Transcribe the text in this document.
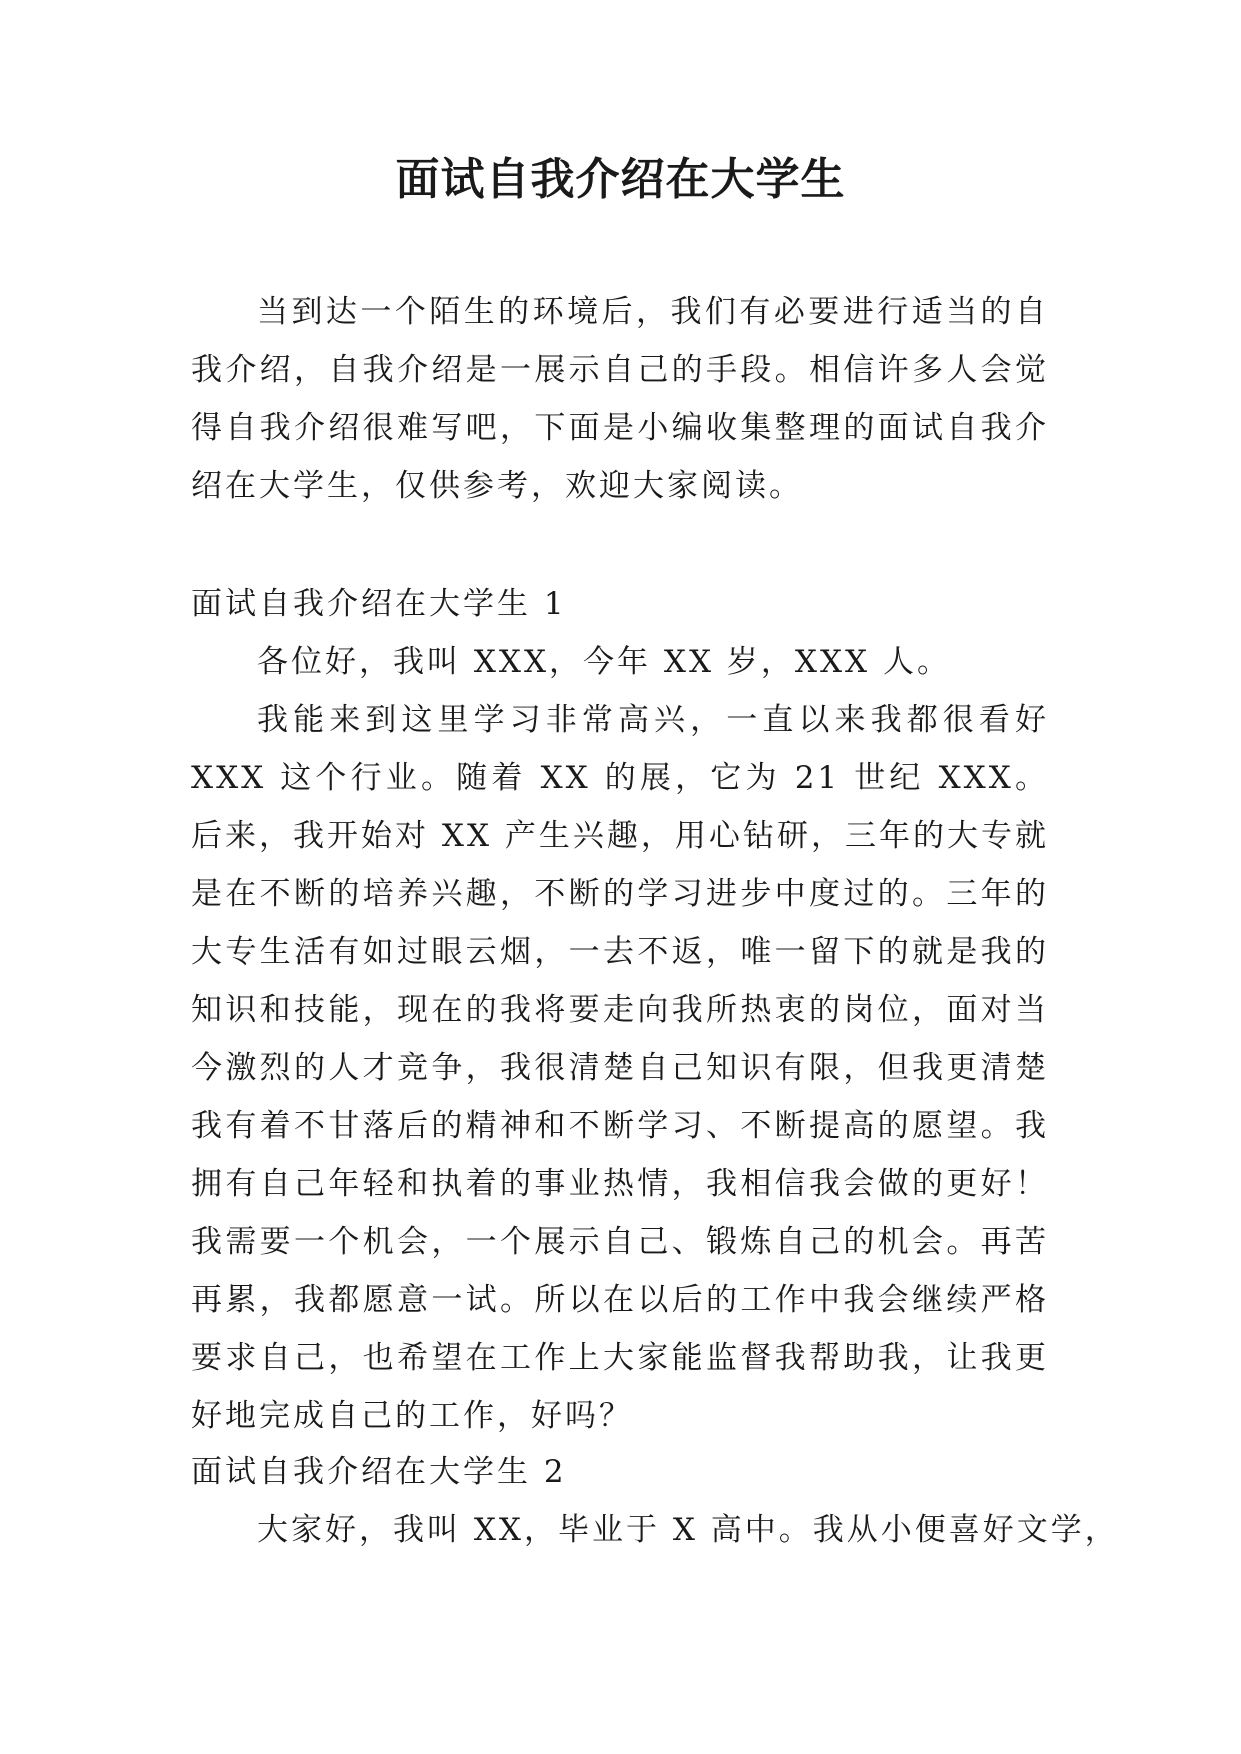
面试自我介绍在大学生

当到达一个陌生的环境后，我们有必要进行适当的自我介绍，自我介绍是一展示自己的手段。相信许多人会觉得自我介绍很难写吧，下面是小编收集整理的面试自我介绍在大学生，仅供参考，欢迎大家阅读。

面试自我介绍在大学生 1

各位好，我叫 XXX，今年 XX 岁，XXX 人。

我能来到这里学习非常高兴，一直以来我都很看好 XXX 这个行业。随着 XX 的展，它为 21 世纪 XXX。后来，我开始对 XX 产生兴趣，用心钻研，三年的大专就是在不断的培养兴趣，不断的学习进步中度过的。三年的大专生活有如过眼云烟，一去不返，唯一留下的就是我的知识和技能，现在的我将要走向我所热衷的岗位，面对当今激烈的人才竞争，我很清楚自己知识有限，但我更清楚我有着不甘落后的精神和不断学习、不断提高的愿望。我拥有自己年轻和执着的事业热情，我相信我会做的更好！我需要一个机会，一个展示自己、锻炼自己的机会。再苦再累，我都愿意一试。所以在以后的工作中我会继续严格要求自己，也希望在工作上大家能监督我帮助我，让我更好地完成自己的工作，好吗？

面试自我介绍在大学生 2

大家好，我叫 XX，毕业于 X 高中。我从小便喜好文学，
